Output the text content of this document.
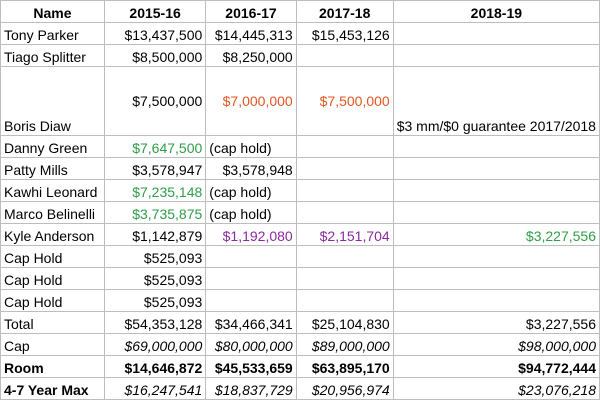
Name	2015-16	2016-17	2017-18	2018-19
Tony Parker	$13,437,500	$14,445,313	$15,453,126	
Tiago Splitter	$8,500,000	$8,250,000		
Boris Diaw	$7,500,000	$7,000,000	$7,500,000	$3 mm/$0 guarantee 2017/2018
Danny Green	$7,647,500	(cap hold)		
Patty Mills	$3,578,947	$3,578,948		
Kawhi Leonard	$7,235,148	(cap hold)		
Marco Belinelli	$3,735,875	(cap hold)		
Kyle Anderson	$1,142,879	$1,192,080	$2,151,704	$3,227,556
Cap Hold	$525,093			
Cap Hold	$525,093			
Cap Hold	$525,093			
Total	$54,353,128	$34,466,341	$25,104,830	$3,227,556
Cap	$69,000,000	$80,000,000	$89,000,000	$98,000,000
Room	$14,646,872	$45,533,659	$63,895,170	$94,772,444
4-7 Year Max	$16,247,541	$18,837,729	$20,956,974	$23,076,218
